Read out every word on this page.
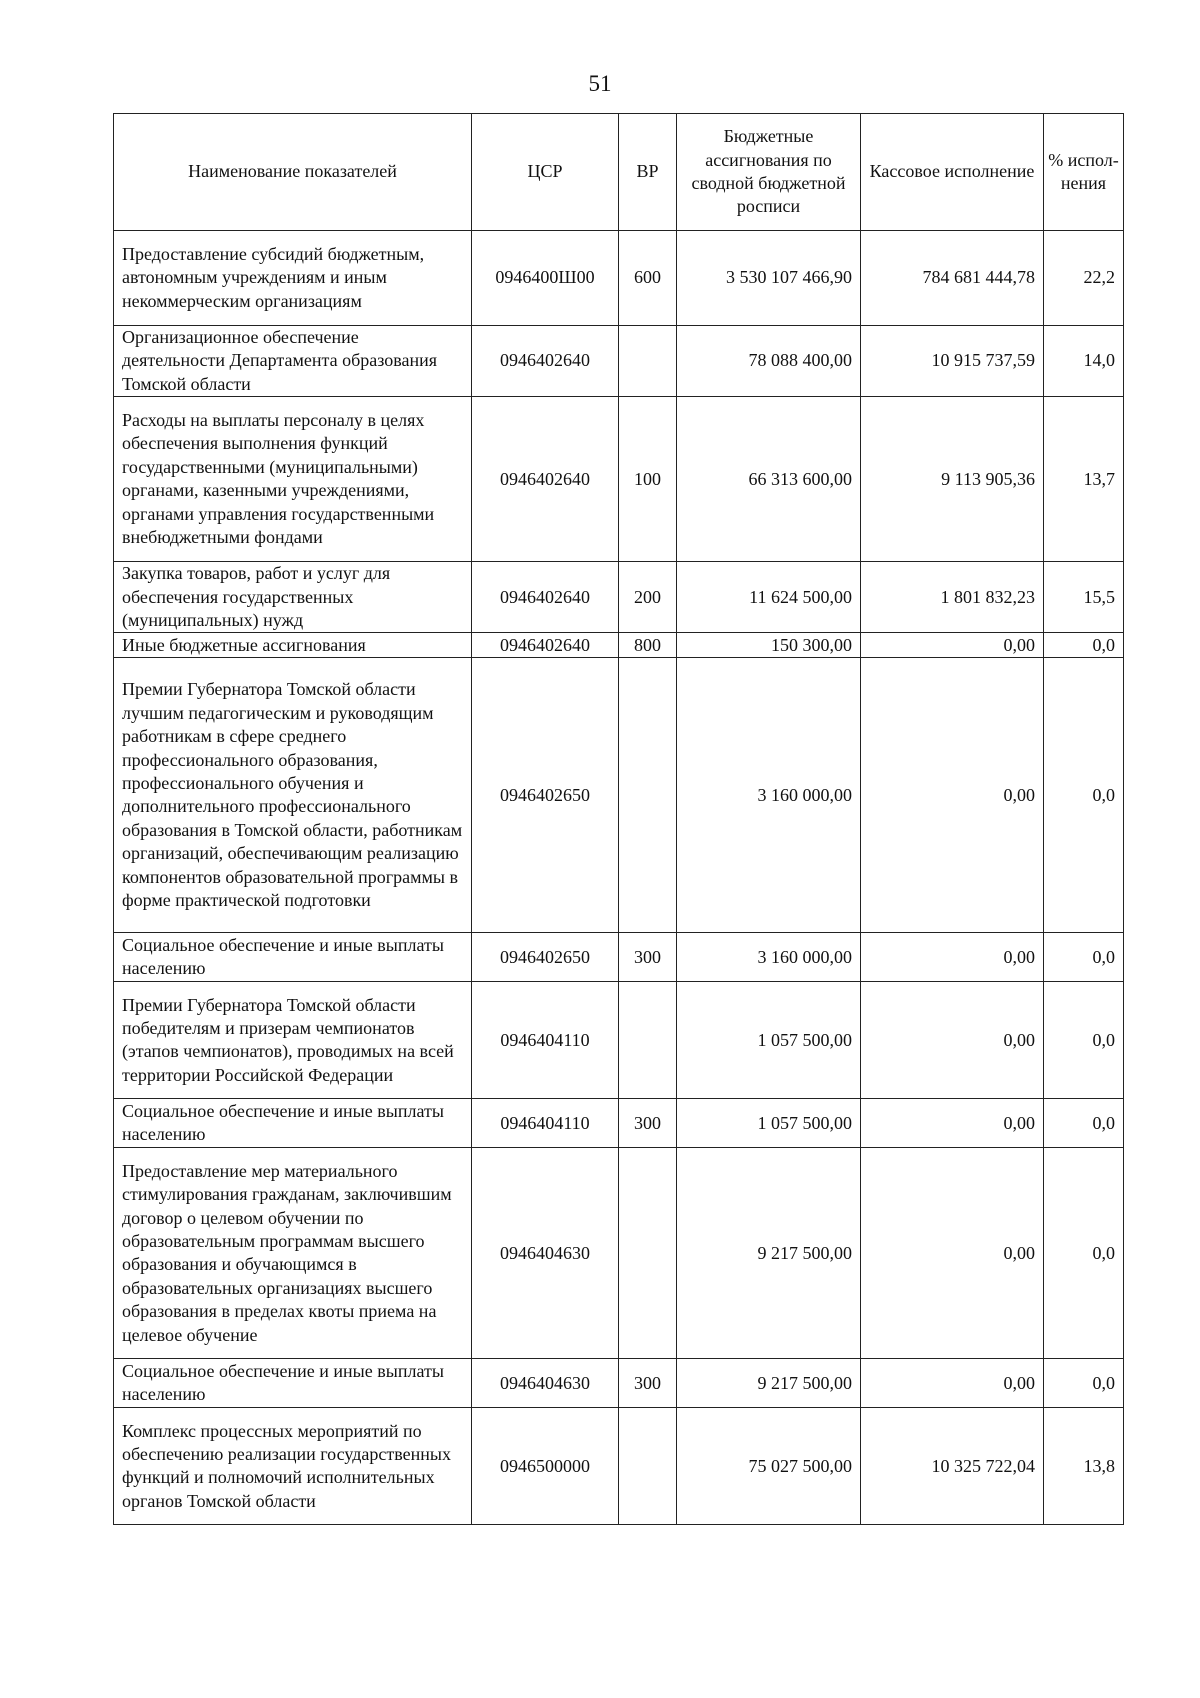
51
Наименование показателей	ЦСР	ВР	Бюджетные ассигнования по сводной бюджетной росписи	Кассовое исполнение	% испол-нения
Предоставление субсидий бюджетным, автономным учреждениям и иным некоммерческим организациям	0946400Ш00	600	3 530 107 466,90	784 681 444,78	22,2
Организационное обеспечение деятельности Департамента образования Томской области	0946402640		78 088 400,00	10 915 737,59	14,0
Расходы на выплаты персоналу в целях обеспечения выполнения функций государственными (муниципальными) органами, казенными учреждениями, органами управления государственными внебюджетными фондами	0946402640	100	66 313 600,00	9 113 905,36	13,7
Закупка товаров, работ и услуг для обеспечения государственных (муниципальных) нужд	0946402640	200	11 624 500,00	1 801 832,23	15,5
Иные бюджетные ассигнования	0946402640	800	150 300,00	0,00	0,0
Премии Губернатора Томской области лучшим педагогическим и руководящим работникам в сфере среднего профессионального образования, профессионального обучения и дополнительного профессионального образования в Томской области, работникам организаций, обеспечивающим реализацию компонентов образовательной программы в форме практической подготовки	0946402650		3 160 000,00	0,00	0,0
Социальное обеспечение и иные выплаты населению	0946402650	300	3 160 000,00	0,00	0,0
Премии Губернатора Томской области победителям и призерам чемпионатов (этапов чемпионатов), проводимых на всей территории Российской Федерации	0946404110		1 057 500,00	0,00	0,0
Социальное обеспечение и иные выплаты населению	0946404110	300	1 057 500,00	0,00	0,0
Предоставление мер материального стимулирования гражданам, заключившим договор о целевом обучении по образовательным программам высшего образования и обучающимся в образовательных организациях высшего образования в пределах квоты приема на целевое обучение	0946404630		9 217 500,00	0,00	0,0
Социальное обеспечение и иные выплаты населению	0946404630	300	9 217 500,00	0,00	0,0
Комплекс процессных мероприятий по обеспечению реализации государственных функций и полномочий исполнительных органов Томской области	0946500000		75 027 500,00	10 325 722,04	13,8
